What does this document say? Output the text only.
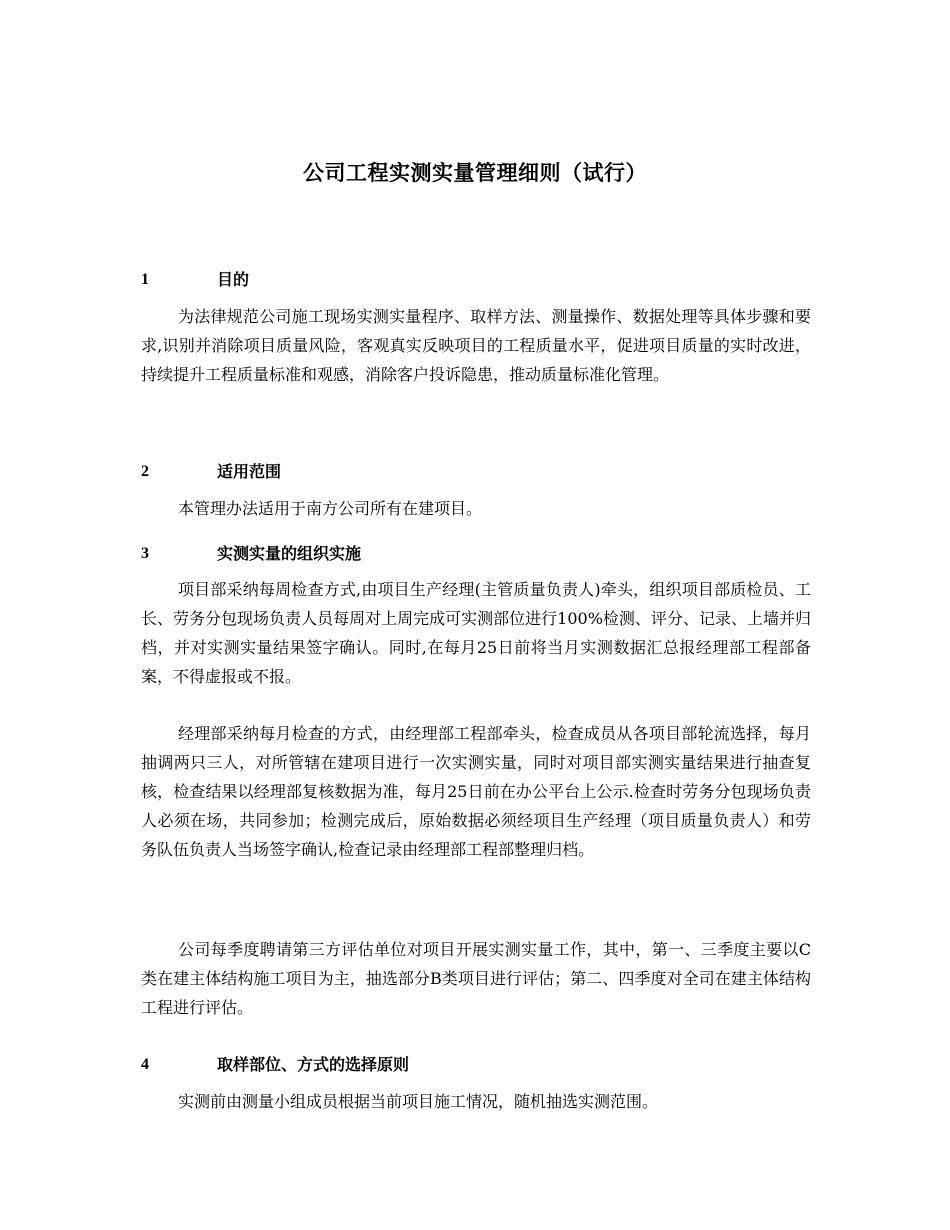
公司工程实测实量管理细则（试行）
1	目的

为法律规范公司施工现场实测实量程序、取样方法、测量操作、数据处理等具体步骤和要求,识别并消除项目质量风险，客观真实反映项目的工程质量水平，促进项目质量的实时改进，持续提升工程质量标准和观感，消除客户投诉隐患，推动质量标准化管理。

2	适用范围

本管理办法适用于南方公司所有在建项目。

3	实测实量的组织实施

项目部采纳每周检查方式,由项目生产经理(主管质量负责人)牵头，组织项目部质检员、工长、劳务分包现场负责人员每周对上周完成可实测部位进行100%检测、评分、记录、上墙并归档，并对实测实量结果签字确认。同时,在每月25日前将当月实测数据汇总报经理部工程部备案，不得虚报或不报。

经理部采纳每月检查的方式，由经理部工程部牵头，检查成员从各项目部轮流选择，每月抽调两只三人，对所管辖在建项目进行一次实测实量，同时对项目部实测实量结果进行抽查复核，检查结果以经理部复核数据为准，每月25日前在办公平台上公示.检查时劳务分包现场负责人必须在场，共同参加；检测完成后，原始数据必须经项目生产经理（项目质量负责人）和劳务队伍负责人当场签字确认,检查记录由经理部工程部整理归档。

公司每季度聘请第三方评估单位对项目开展实测实量工作，其中，第一、三季度主要以C类在建主体结构施工项目为主，抽选部分B类项目进行评估；第二、四季度对全司在建主体结构工程进行评估。

4	取样部位、方式的选择原则

实测前由测量小组成员根据当前项目施工情况，随机抽选实测范围。
